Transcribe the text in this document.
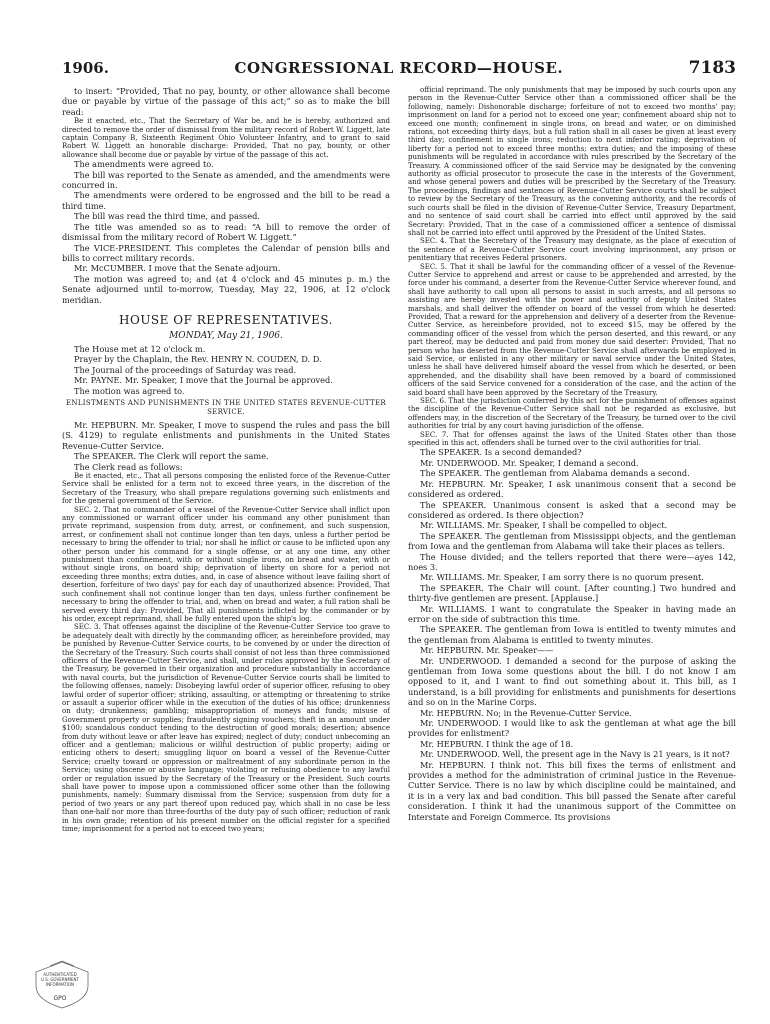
1906.	CONGRESSIONAL RECORD—HOUSE.	7183

to insert: “Provided, That no pay, bounty, or other allowance shall become due or payable by virtue of the passage of this act;” so as to make the bill read:

Be it enacted, etc., That the Secretary of War be, and he is hereby, authorized and directed to remove the order of dismissal from the military record of Robert W. Liggett, late captain Company B, Sixteenth Regiment Ohio Volunteer Infantry, and to grant to said Robert W. Liggett an honorable discharge: Provided, That no pay, bounty, or other allowance shall become due or payable by virtue of the passage of this act.

The amendments were agreed to.

The bill was reported to the Senate as amended, and the amendments were concurred in.

The amendments were ordered to be engrossed and the bill to be read a third time.

The bill was read the third time, and passed.

The title was amended so as to read: “A bill to remove the order of dismissal from the military record of Robert W. Liggett.”

The VICE-PRESIDENT. This completes the Calendar of pension bills and bills to correct military records.

Mr. McCUMBER. I move that the Senate adjourn.

The motion was agreed to; and (at 4 o'clock and 45 minutes p. m.) the Senate adjourned until to-morrow, Tuesday, May 22, 1906, at 12 o'clock meridian.

HOUSE OF REPRESENTATIVES.
MONDAY, May 21, 1906.

The House met at 12 o'clock m.

Prayer by the Chaplain, the Rev. HENRY N. COUDEN, D. D.

The Journal of the proceedings of Saturday was read.

Mr. PAYNE. Mr. Speaker, I move that the Journal be approved.

The motion was agreed to.

ENLISTMENTS AND PUNISHMENTS IN THE UNITED STATES REVENUE-CUTTER SERVICE.

Mr. HEPBURN. Mr. Speaker, I move to suspend the rules and pass the bill (S. 4129) to regulate enlistments and punishments in the United States Revenue-Cutter Service.

The SPEAKER. The Clerk will report the same.

The Clerk read as follows:

Be it enacted, etc., That all persons composing the enlisted force of the Revenue-Cutter Service shall be enlisted for a term not to exceed three years, in the discretion of the Secretary of the Treasury, who shall prepare regulations governing such enlistments and for the general government of the Service.

SEC. 2. That no commander of a vessel of the Revenue-Cutter Service shall inflict upon any commissioned or warrant officer under his command any other punishment than private reprimand, suspension from duty, arrest, or confinement, and such suspension, arrest, or confinement shall not continue longer than ten days, unless a further period be necessary to bring the offender to trial; nor shall he inflict or cause to be inflicted upon any other person under his command for a single offense, or at any one time, any other punishment than confinement, with or without single irons, on bread and water, with or without single irons, on board ship; deprivation of liberty on shore for a period not exceeding three months; extra duties, and, in case of absence without leave failing short of desertion, forfeiture of two days' pay for each day of unauthorized absence: Provided, That such confinement shall not continue longer than ten days, unless further confinement be necessary to bring the offender to trial, and, when on bread and water, a full ration shall be served every third day: Provided, That all punishments inflicted by the commander or by his order, except reprimand, shall be fully entered upon the ship's log.

SEC. 3. That offenses against the discipline of the Revenue-Cutter Service too grave to be adequately dealt with directly by the commanding officer, as hereinbefore provided, may be punished by Revenue-Cutter Service courts, to be convened by or under the direction of the Secretary of the Treasury. Such courts shall consist of not less than three commissioned officers of the Revenue-Cutter Service, and shall, under rules approved by the Secretary of the Treasury, be governed in their organization and procedure substantially in accordance with naval courts, but the jurisdiction of Revenue-Cutter Service courts shall be limited to the following offenses, namely: Disobeying lawful order of superior officer, refusing to obey lawful order of superior officer; striking, assaulting, or attempting or threatening to strike or assault a superior officer while in the execution of the duties of his office; drunkenness on duty; drunkenness; gambling; misappropriation of moneys and funds; misuse of Government property or supplies; fraudulently signing vouchers; theft in an amount under $100; scandalous conduct tending to the destruction of good morals; desertion; absence from duty without leave or after leave has expired; neglect of duty; conduct unbecoming an officer and a gentleman; malicious or willful destruction of public property; aiding or enticing others to desert; smuggling liquor on board a vessel of the Revenue-Cutter Service; cruelty toward or oppression or maltreatment of any subordinate person in the Service; using obscene or abusive language; violating or refusing obedience to any lawful order or regulation issued by the Secretary of the Treasury or the President. Such courts shall have power to impose upon a commissioned officer some other than the following punishments, namely: Summary dismissal from the Service; suspension from duty for a period of two years or any part thereof upon reduced pay, which shall in no case be less than one-half nor more than three-fourths of the duty pay of such officer; reduction of rank in his own grade; retention of his present number on the official register for a specified time; imprisonment for a period not to exceed two years;

official reprimand. The only punishments that may be imposed by such courts upon any person in the Revenue-Cutter Service other than a commissioned officer shall be the following, namely: Dishonorable discharge; forfeiture of not to exceed two months' pay; imprisonment on land for a period not to exceed one year; confinement aboard ship not to exceed one month; confinement in single irons, on bread and water, or on diminished rations, not exceeding thirty days, but a full ration shall in all cases be given at least every third day; confinement in single irons; reduction to next inferior rating; deprivation of liberty for a period not to exceed three months; extra duties; and the imposing of these punishments will be regulated in accordance with rules prescribed by the Secretary of the Treasury. A commissioned officer of the said Service may be designated by the convening authority as official prosecutor to prosecute the case in the interests of the Government, and whose general powers and duties will be prescribed by the Secretary of the Treasury. The proceedings, findings and sentences of Revenue-Cutter Service courts shall be subject to review by the Secretary of the Treasury, as the convening authority, and the records of such courts shall be filed in the division of Revenue-Cutter Service, Treasury Department, and no sentence of said court shall be carried into effect until approved by the said Secretary: Provided, That in the case of a commissioned officer a sentence of dismissal shall not be carried into effect until approved by the President of the United States.

SEC. 4. That the Secretary of the Treasury may designate, as the place of execution of the sentence of a Revenue-Cutter Service court involving imprisonment, any prison or penitentiary that receives Federal prisoners.

SEC. 5. That it shall be lawful for the commanding officer of a vessel of the Revenue-Cutter Service to apprehend and arrest or cause to be apprehended and arrested, by the force under his command, a deserter from the Revenue-Cutter Service wherever found, and shall have authority to call upon all persons to assist in such arrests, and all persons so assisting are hereby invested with the power and authority of deputy United States marshals, and shall deliver the offender on board of the vessel from which he deserted: Provided, That a reward for the apprehension and delivery of a deserter from the Revenue-Cutter Service, as hereinbefore provided, not to exceed $15, may be offered by the commanding officer of the vessel from which the person deserted, and this reward, or any part thereof, may be deducted and paid from money due said deserter: Provided, That no person who has deserted from the Revenue-Cutter Service shall afterwards be employed in said Service, or enlisted in any other military or naval service under the United States, unless he shall have delivered himself aboard the vessel from which he deserted, or been apprehended, and the disability shall have been removed by a board of commissioned officers of the said Service convened for a consideration of the case, and the action of the said board shall have been approved by the Secretary of the Treasury.

SEC. 6. That the jurisdiction conferred by this act for the punishment of offenses against the discipline of the Revenue-Cutter Service shall not be regarded as exclusive, but offenders may, in the discretion of the Secretary of the Treasury, be turned over to the civil authorities for trial by any court having jurisdiction of the offense.

SEC. 7. That for offenses against the laws of the United States other than those specified in this act, offenders shall be turned over to the civil authorities for trial.

The SPEAKER. Is a second demanded?

Mr. UNDERWOOD. Mr. Speaker, I demand a second.

The SPEAKER. The gentleman from Alabama demands a second.

Mr. HEPBURN. Mr. Speaker, I ask unanimous consent that a second be considered as ordered.

The SPEAKER. Unanimous consent is asked that a second may be considered as ordered. Is there objection?

Mr. WILLIAMS. Mr. Speaker, I shall be compelled to object.

The SPEAKER. The gentleman from Mississippi objects, and the gentleman from Iowa and the gentleman from Alabama will take their places as tellers.

The House divided; and the tellers reported that there were—ayes 142, noes 3.

Mr. WILLIAMS. Mr. Speaker, I am sorry there is no quorum present.

The SPEAKER. The Chair will count. [After counting.] Two hundred and thirty-five gentlemen are present. [Applause.]

Mr. WILLIAMS. I want to congratulate the Speaker in having made an error on the side of subtraction this time.

The SPEAKER. The gentleman from Iowa is entitled to twenty minutes and the gentleman from Alabama is entitled to twenty minutes.

Mr. HEPBURN. Mr. Speaker——

Mr. UNDERWOOD. I demanded a second for the purpose of asking the gentleman from Iowa some questions about the bill. I do not know I am opposed to it, and I want to find out something about it. This bill, as I understand, is a bill providing for enlistments and punishments for desertions and so on in the Marine Corps.

Mr. HEPBURN. No; in the Revenue-Cutter Service.

Mr. UNDERWOOD. I would like to ask the gentleman at what age the bill provides for enlistment?

Mr. HEPBURN. I think the age of 18.

Mr. UNDERWOOD. Well, the present age in the Navy is 21 years, is it not?

Mr. HEPBURN. I think not. This bill fixes the terms of enlistment and provides a method for the administration of criminal justice in the Revenue-Cutter Service. There is no law by which discipline could be maintained, and it is in a very lax and bad condition. This bill passed the Senate after careful consideration. I think it had the unanimous support of the Committee on Interstate and Foreign Commerce. Its provisions

AUTHENTICATED
U.S. GOVERNMENT
INFORMATION
GPO
